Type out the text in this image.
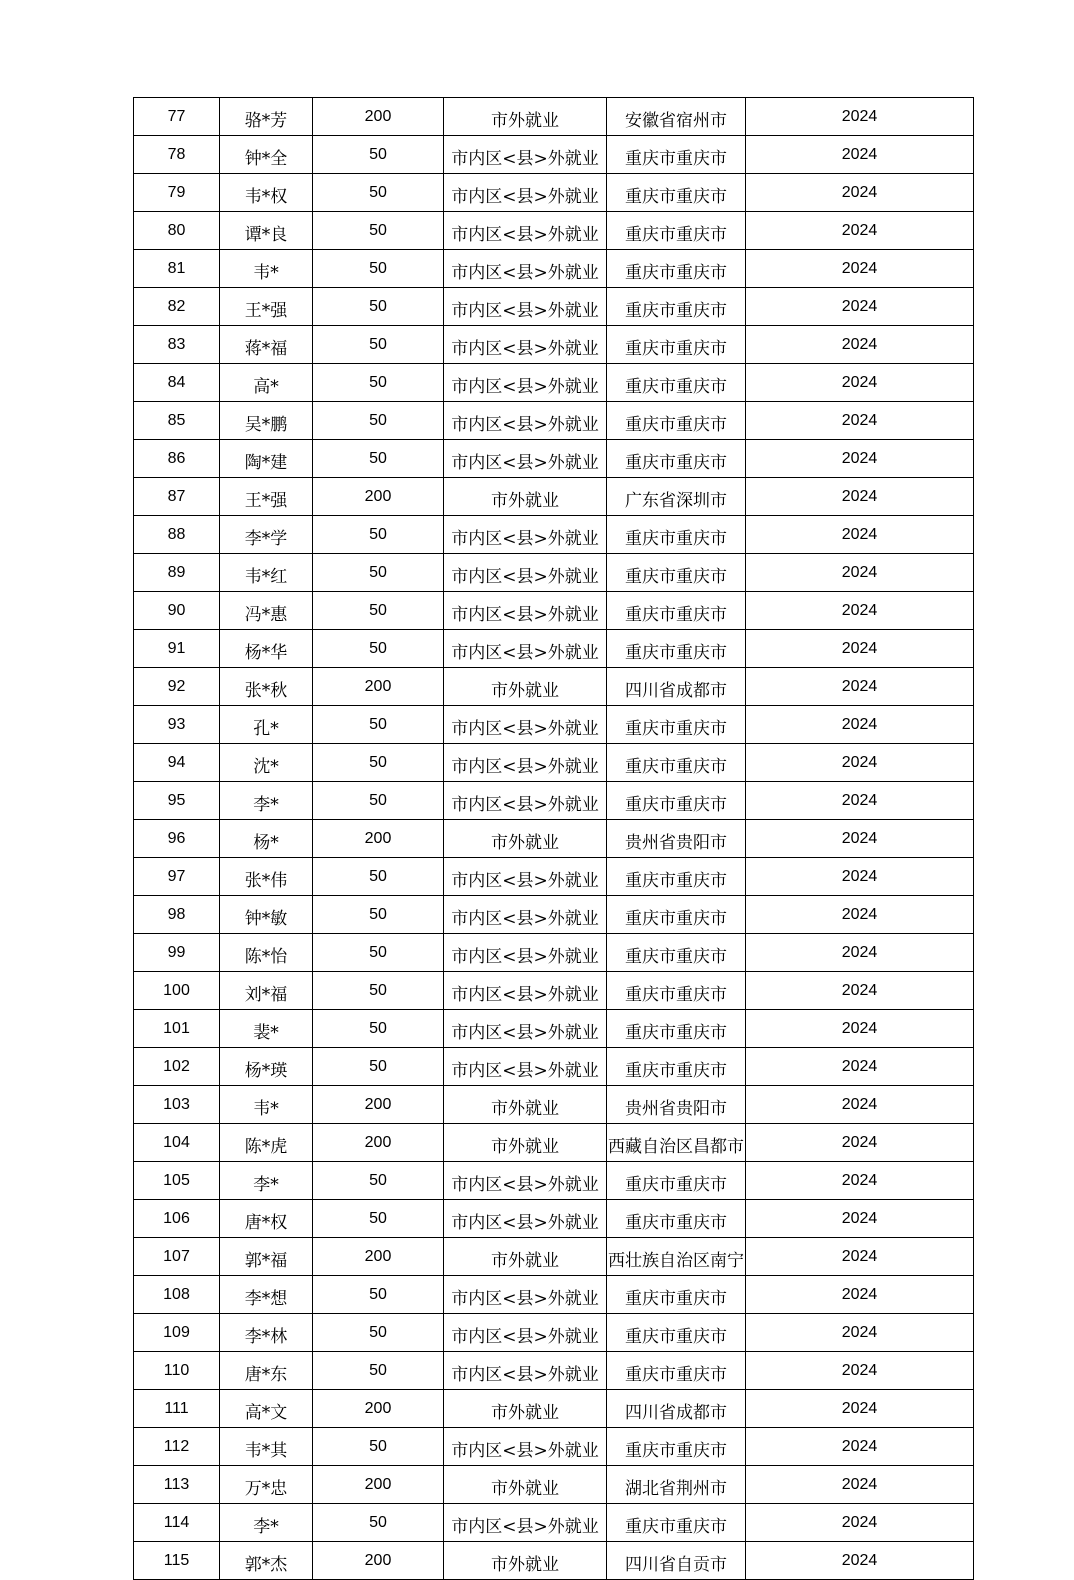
77	骆*芳	200	市外就业	安徽省宿州市	2024
78	钟*全	50	市内区<县>外就业	重庆市重庆市	2024
79	韦*权	50	市内区<县>外就业	重庆市重庆市	2024
80	谭*良	50	市内区<县>外就业	重庆市重庆市	2024
81	韦*	50	市内区<县>外就业	重庆市重庆市	2024
82	王*强	50	市内区<县>外就业	重庆市重庆市	2024
83	蒋*福	50	市内区<县>外就业	重庆市重庆市	2024
84	高*	50	市内区<县>外就业	重庆市重庆市	2024
85	吴*鹏	50	市内区<县>外就业	重庆市重庆市	2024
86	陶*建	50	市内区<县>外就业	重庆市重庆市	2024
87	王*强	200	市外就业	广东省深圳市	2024
88	李*学	50	市内区<县>外就业	重庆市重庆市	2024
89	韦*红	50	市内区<县>外就业	重庆市重庆市	2024
90	冯*惠	50	市内区<县>外就业	重庆市重庆市	2024
91	杨*华	50	市内区<县>外就业	重庆市重庆市	2024
92	张*秋	200	市外就业	四川省成都市	2024
93	孔*	50	市内区<县>外就业	重庆市重庆市	2024
94	沈*	50	市内区<县>外就业	重庆市重庆市	2024
95	李*	50	市内区<县>外就业	重庆市重庆市	2024
96	杨*	200	市外就业	贵州省贵阳市	2024
97	张*伟	50	市内区<县>外就业	重庆市重庆市	2024
98	钟*敏	50	市内区<县>外就业	重庆市重庆市	2024
99	陈*怡	50	市内区<县>外就业	重庆市重庆市	2024
100	刘*福	50	市内区<县>外就业	重庆市重庆市	2024
101	裴*	50	市内区<县>外就业	重庆市重庆市	2024
102	杨*瑛	50	市内区<县>外就业	重庆市重庆市	2024
103	韦*	200	市外就业	贵州省贵阳市	2024
104	陈*虎	200	市外就业	西藏自治区昌都市	2024
105	李*	50	市内区<县>外就业	重庆市重庆市	2024
106	唐*权	50	市内区<县>外就业	重庆市重庆市	2024
107	郭*福	200	市外就业	西壮族自治区南宁	2024
108	李*想	50	市内区<县>外就业	重庆市重庆市	2024
109	李*林	50	市内区<县>外就业	重庆市重庆市	2024
110	唐*东	50	市内区<县>外就业	重庆市重庆市	2024
111	高*文	200	市外就业	四川省成都市	2024
112	韦*其	50	市内区<县>外就业	重庆市重庆市	2024
113	万*忠	200	市外就业	湖北省荆州市	2024
114	李*	50	市内区<县>外就业	重庆市重庆市	2024
115	郭*杰	200	市外就业	四川省自贡市	2024
